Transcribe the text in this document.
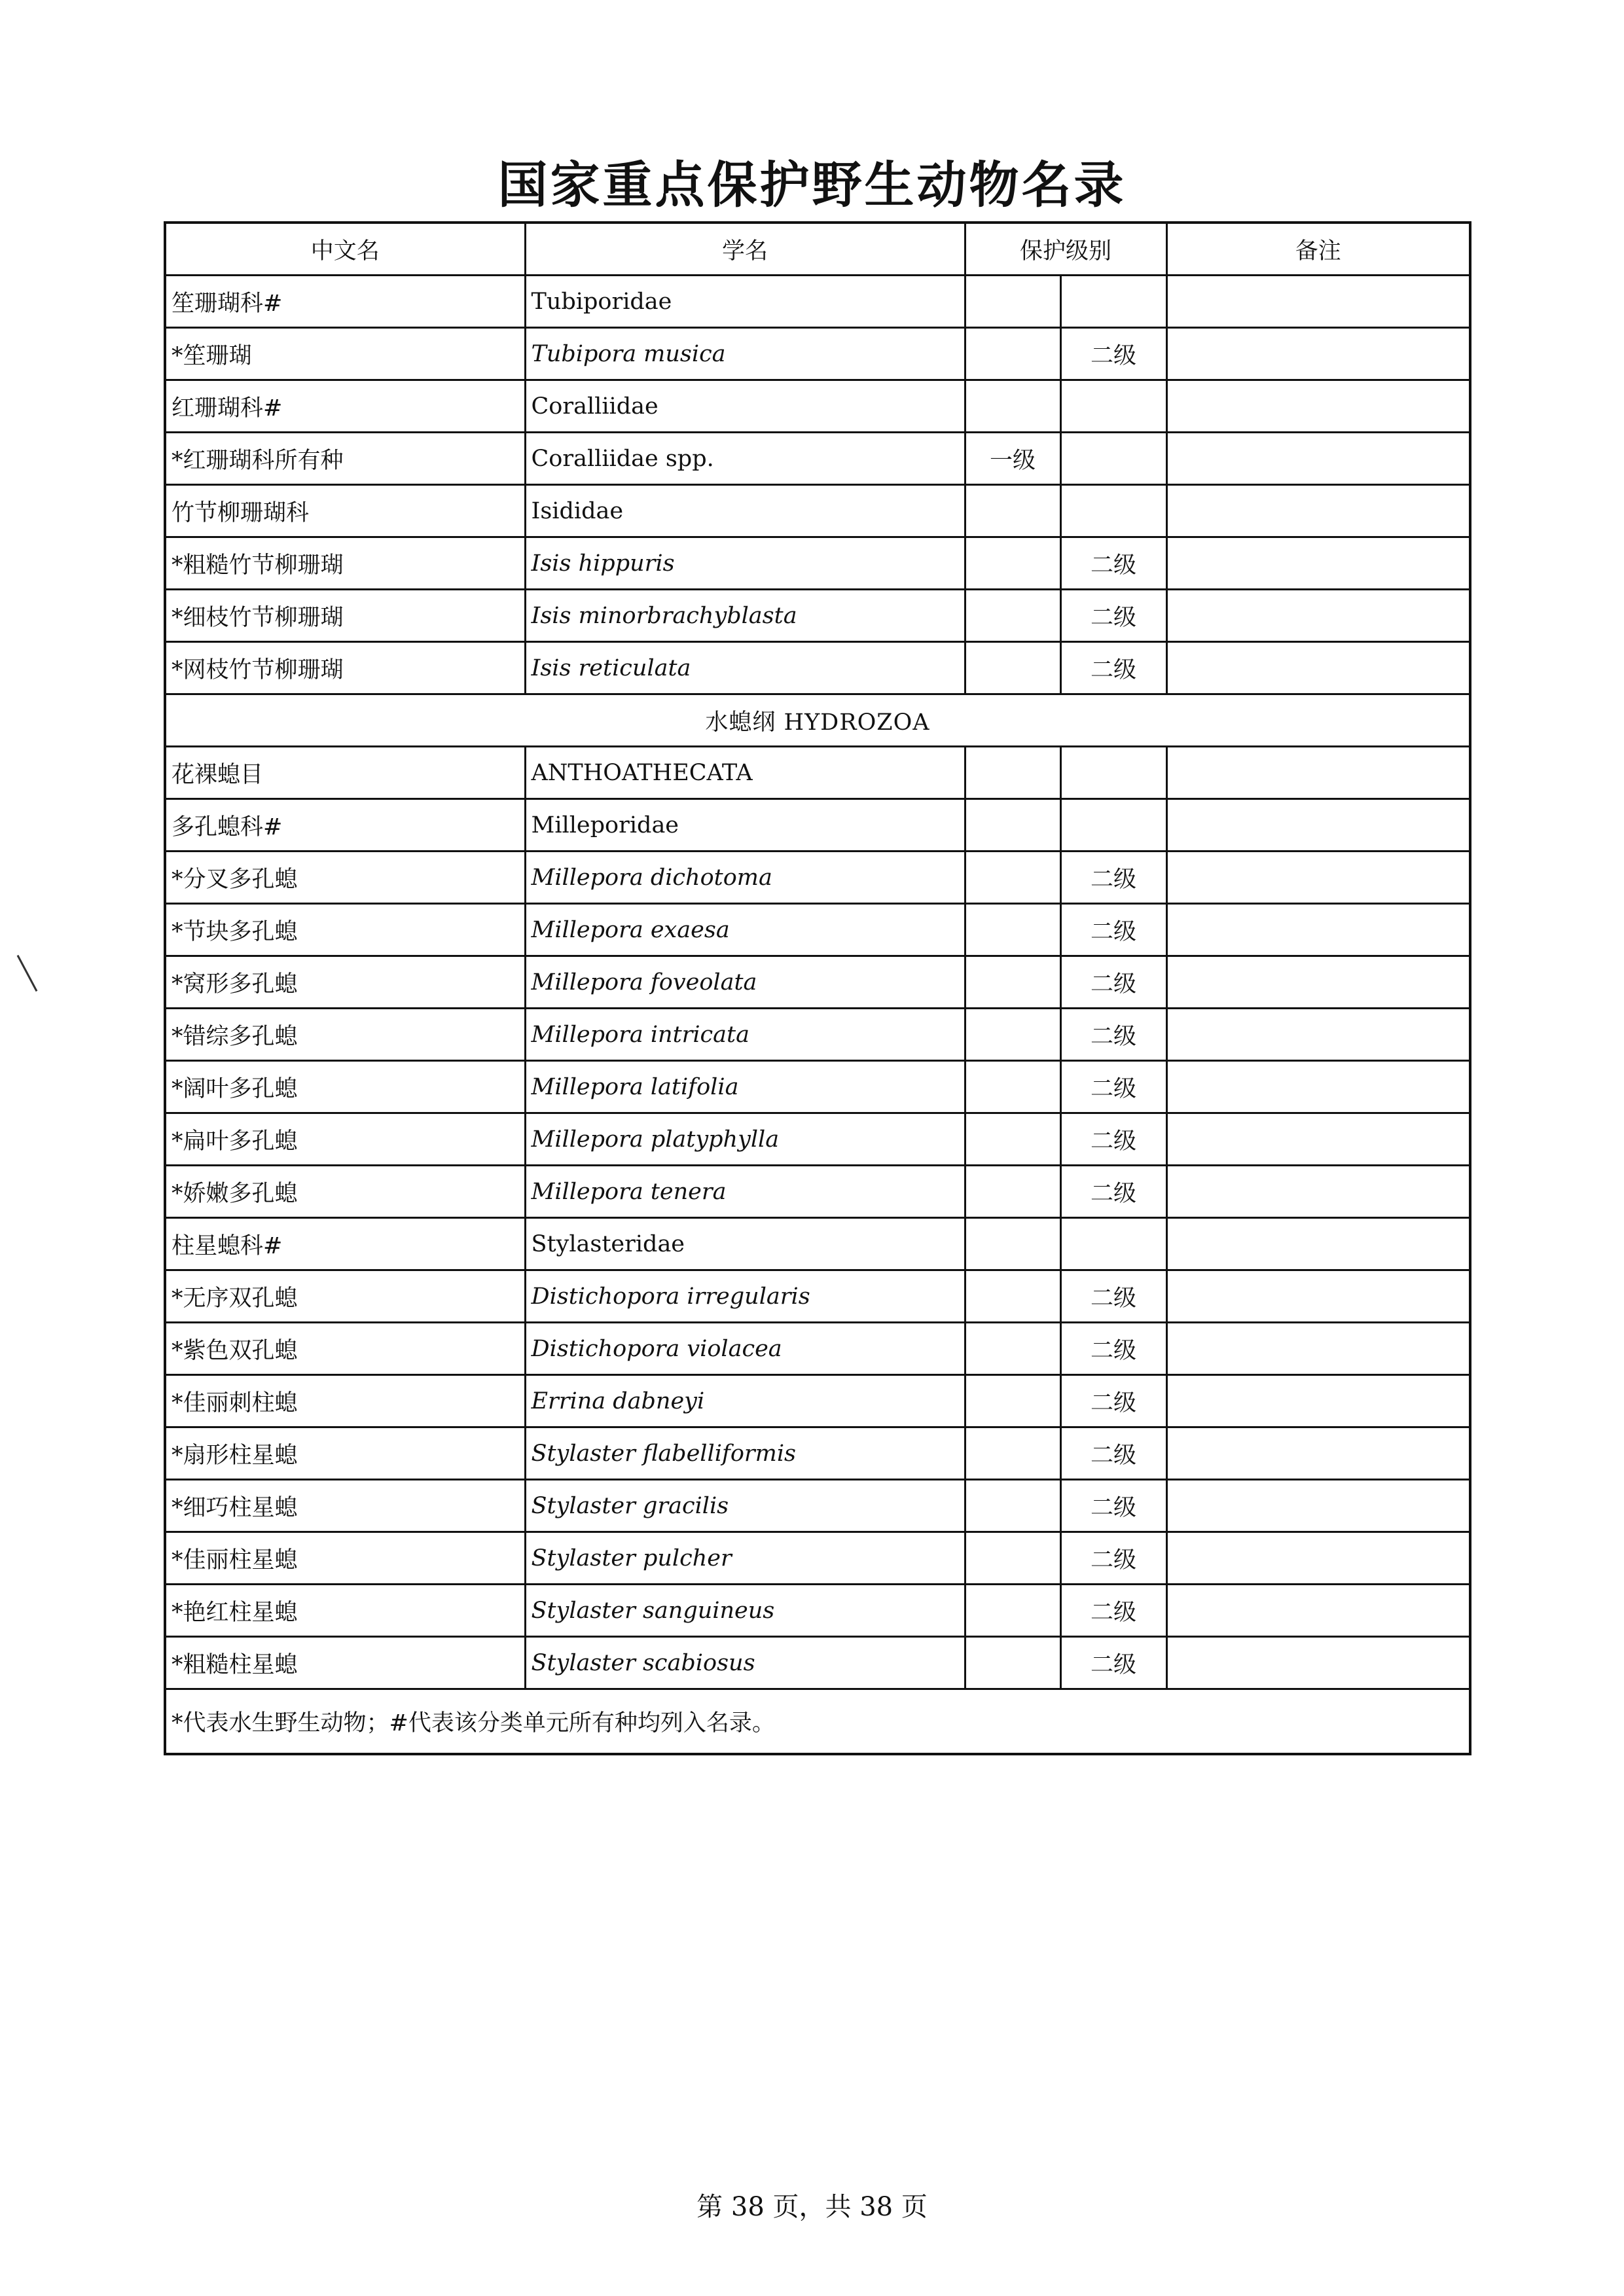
国家重点保护野生动物名录
中文名	学名	保护级别		备注
笙珊瑚科#	Tubiporidae			
*笙珊瑚	Tubipora musica		二级	
红珊瑚科#	Coralliidae			
*红珊瑚科所有种	Coralliidae spp.	一级		
竹节柳珊瑚科	Isididae			
*粗糙竹节柳珊瑚	Isis hippuris		二级	
*细枝竹节柳珊瑚	Isis minorbrachyblasta		二级	
*网枝竹节柳珊瑚	Isis reticulata		二级	
水螅纲 HYDROZOA				
花裸螅目	ANTHOATHECATA			
多孔螅科#	Milleporidae			
*分叉多孔螅	Millepora dichotoma		二级	
*节块多孔螅	Millepora exaesa		二级	
*窝形多孔螅	Millepora foveolata		二级	
*错综多孔螅	Millepora intricata		二级	
*阔叶多孔螅	Millepora latifolia		二级	
*扁叶多孔螅	Millepora platyphylla		二级	
*娇嫩多孔螅	Millepora tenera		二级	
柱星螅科#	Stylasteridae			
*无序双孔螅	Distichopora irregularis		二级	
*紫色双孔螅	Distichopora violacea		二级	
*佳丽刺柱螅	Errina dabneyi		二级	
*扇形柱星螅	Stylaster flabelliformis		二级	
*细巧柱星螅	Stylaster gracilis		二级	
*佳丽柱星螅	Stylaster pulcher		二级	
*艳红柱星螅	Stylaster sanguineus		二级	
*粗糙柱星螅	Stylaster scabiosus		二级	
*代表水生野生动物；#代表该分类单元所有种均列入名录。				
第 38 页，共 38 页
